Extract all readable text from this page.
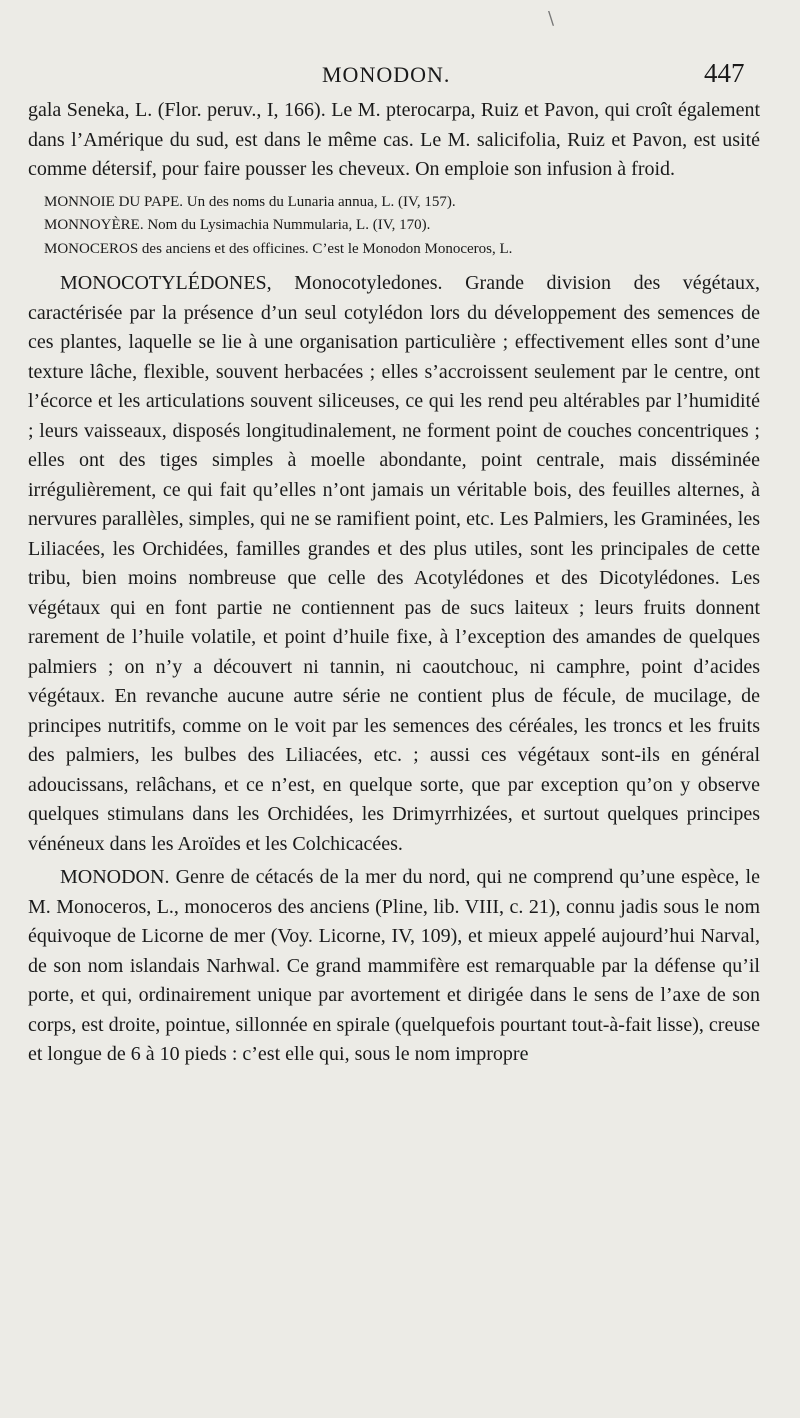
\
MONODON.	447

gala Seneka, L. (Flor. peruv., I, 166). Le M. pterocarpa, Ruiz et Pavon, qui croît également dans l’Amérique du sud, est dans le même cas. Le M. salicifolia, Ruiz et Pavon, est usité comme détersif, pour faire pousser les cheveux. On emploie son infusion à froid.

MONNOIE DU PAPE. Un des noms du Lunaria annua, L. (IV, 157).

MONNOYÈRE. Nom du Lysimachia Nummularia, L. (IV, 170).

MONOCEROS des anciens et des officines. C’est le Monodon Monoceros, L.

MONOCOTYLÉDONES, Monocotyledones. Grande division des végétaux, caractérisée par la présence d’un seul cotylédon lors du développement des semences de ces plantes, laquelle se lie à une organisation particulière ; effectivement elles sont d’une texture lâche, flexible, souvent herbacées ; elles s’accroissent seulement par le centre, ont l’écorce et les articulations souvent siliceuses, ce qui les rend peu altérables par l’humidité ; leurs vaisseaux, disposés longitudinalement, ne forment point de couches concentriques ; elles ont des tiges simples à moelle abondante, point centrale, mais disséminée irrégulièrement, ce qui fait qu’elles n’ont jamais un véritable bois, des feuilles alternes, à nervures parallèles, simples, qui ne se ramifient point, etc. Les Palmiers, les Graminées, les Liliacées, les Orchidées, familles grandes et des plus utiles, sont les principales de cette tribu, bien moins nombreuse que celle des Acotylédones et des Dicotylédones. Les végétaux qui en font partie ne contiennent pas de sucs laiteux ; leurs fruits donnent rarement de l’huile volatile, et point d’huile fixe, à l’exception des amandes de quelques palmiers ; on n’y a découvert ni tannin, ni caoutchouc, ni camphre, point d’acides végétaux. En revanche aucune autre série ne contient plus de fécule, de mucilage, de principes nutritifs, comme on le voit par les semences des céréales, les troncs et les fruits des palmiers, les bulbes des Liliacées, etc. ; aussi ces végétaux sont-ils en général adoucissans, relâchans, et ce n’est, en quelque sorte, que par exception qu’on y observe quelques stimulans dans les Orchidées, les Drimyrrhizées, et surtout quelques principes vénéneux dans les Aroïdes et les Colchicacées.

MONODON. Genre de cétacés de la mer du nord, qui ne comprend qu’une espèce, le M. Monoceros, L., monoceros des anciens (Pline, lib. VIII, c. 21), connu jadis sous le nom équivoque de Licorne de mer (Voy. Licorne, IV, 109), et mieux appelé aujourd’hui Narval, de son nom islandais Narhwal. Ce grand mammifère est remarquable par la défense qu’il porte, et qui, ordinairement unique par avortement et dirigée dans le sens de l’axe de son corps, est droite, pointue, sillonnée en spirale (quelquefois pourtant tout-à-fait lisse), creuse et longue de 6 à 10 pieds : c’est elle qui, sous le nom impropre
